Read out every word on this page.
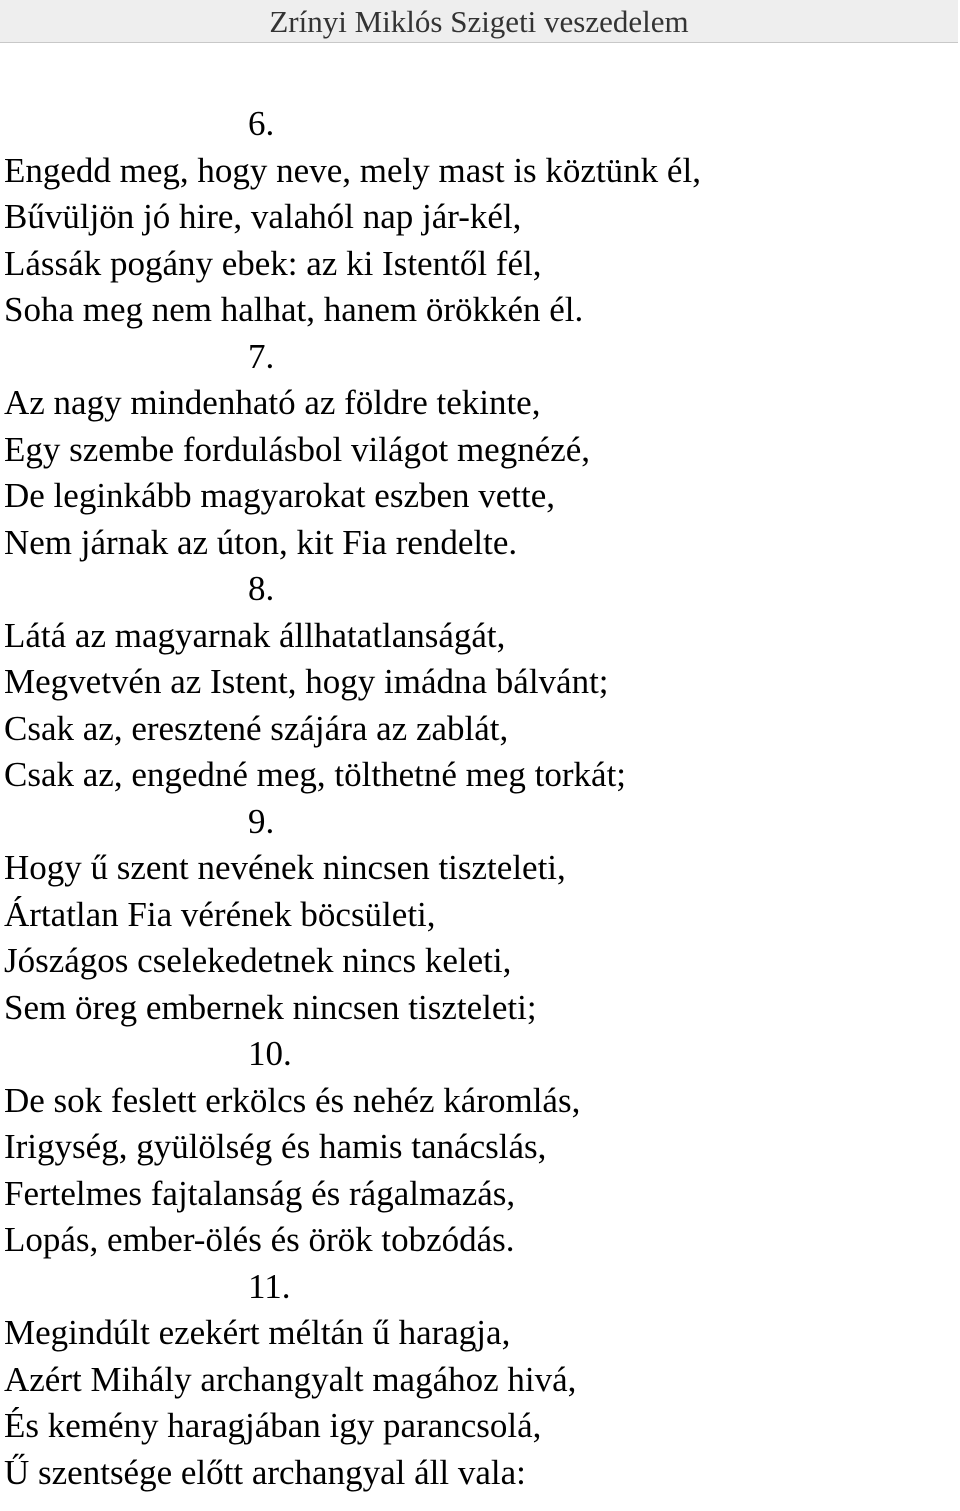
Zrínyi Miklós Szigeti veszedelem
6.
Engedd meg, hogy neve, mely mast is köztünk él,
Bűvüljön jó hire, valahól nap jár-kél,
Lássák pogány ebek: az ki Istentől fél,
Soha meg nem halhat, hanem örökkén él.
7.
Az nagy mindenható az földre tekinte,
Egy szembe fordulásbol világot megnézé,
De leginkább magyarokat eszben vette,
Nem járnak az úton, kit Fia rendelte.
8.
Látá az magyarnak állhatatlanságát,
Megvetvén az Istent, hogy imádna bálvánt;
Csak az, eresztené szájára az zablát,
Csak az, engedné meg, tölthetné meg torkát;
9.
Hogy ű szent nevének nincsen tiszteleti,
Ártatlan Fia vérének böcsületi,
Jószágos cselekedetnek nincs keleti,
Sem öreg embernek nincsen tiszteleti;
10.
De sok feslett erkölcs és nehéz káromlás,
Irigység, gyülölség és hamis tanácslás,
Fertelmes fajtalanság és rágalmazás,
Lopás, ember-ölés és örök tobzódás.
11.
Megindúlt ezekért méltán ű haragja,
Azért Mihály archangyalt magához hivá,
És kemény haragjában igy parancsolá,
Ű szentsége előtt archangyal áll vala:
